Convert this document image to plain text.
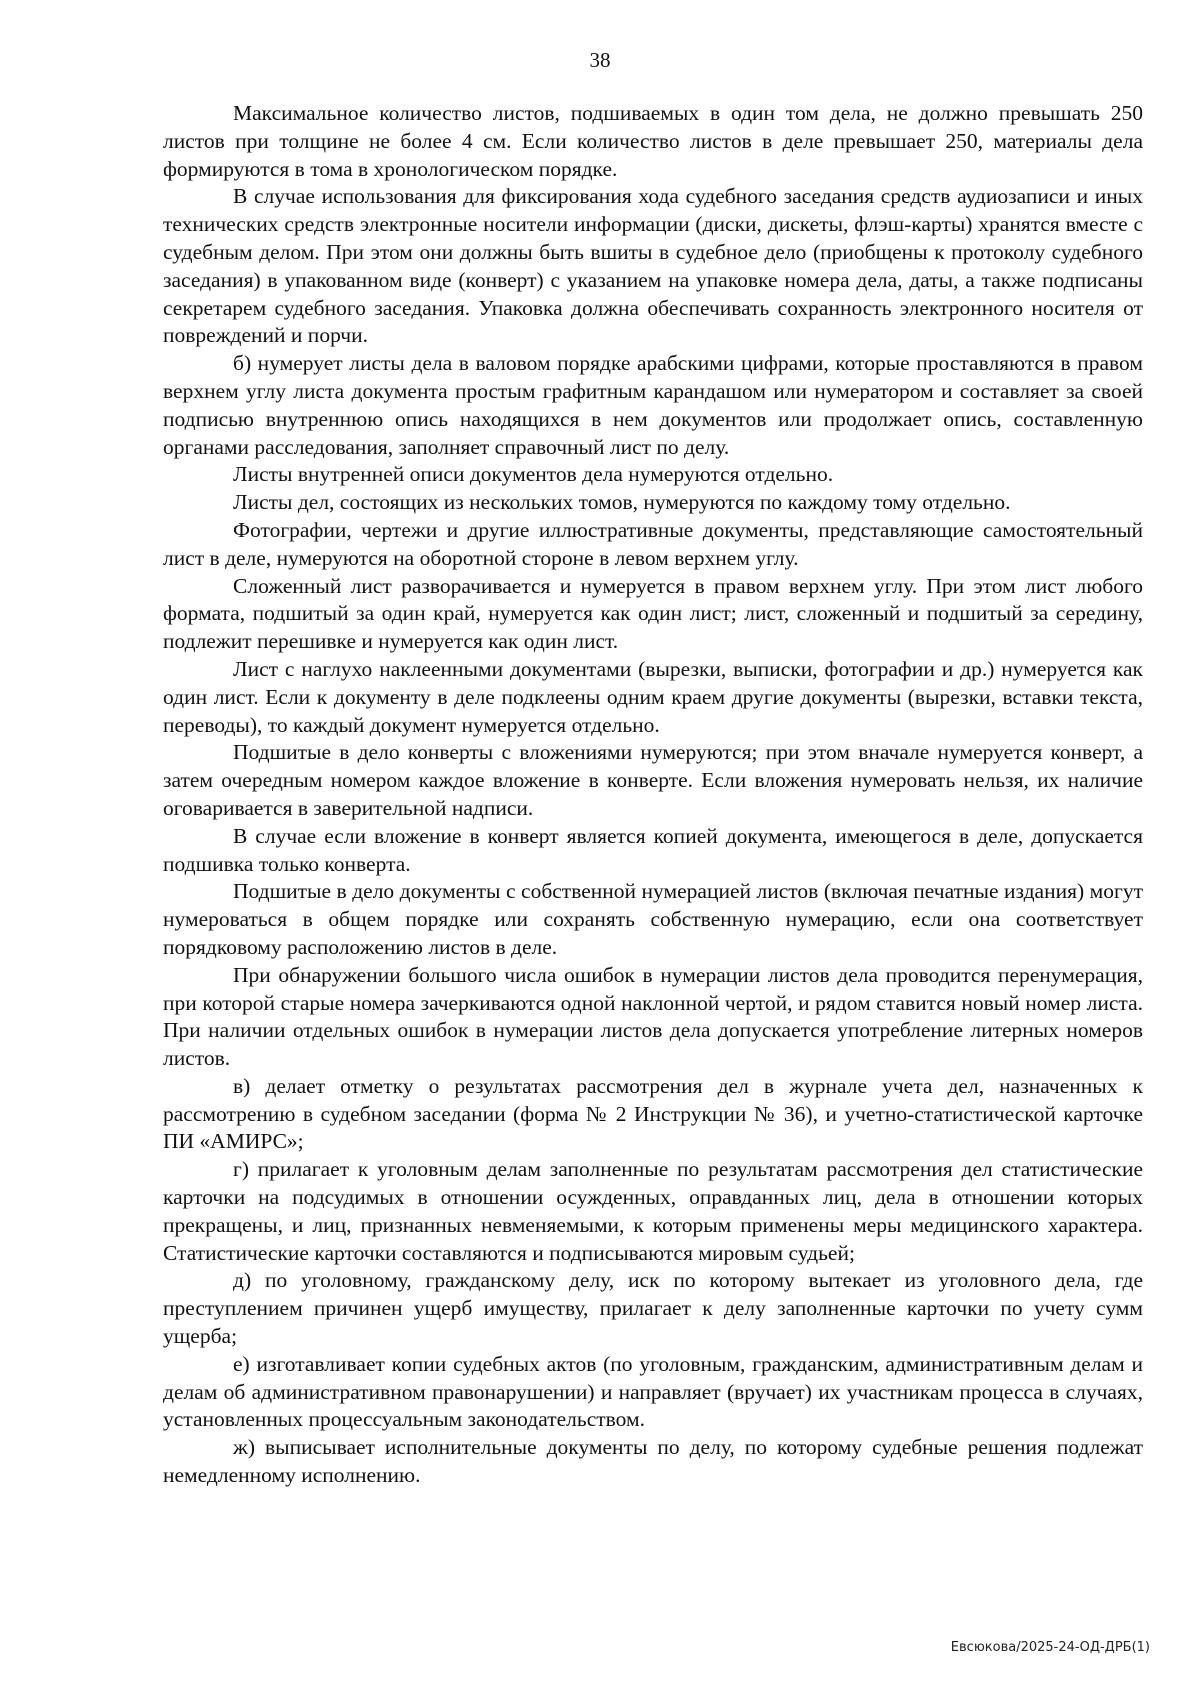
38

Максимальное количество листов, подшиваемых в один том дела, не должно превышать 250 листов при толщине не более 4 см. Если количество листов в деле превышает 250, материалы дела формируются в тома в хронологическом порядке.

В случае использования для фиксирования хода судебного заседания средств аудиозаписи и иных технических средств электронные носители информации (диски, дискеты, флэш-карты) хранятся вместе с судебным делом. При этом они должны быть вшиты в судебное дело (приобщены к протоколу судебного заседания) в упакованном виде (конверт) с указанием на упаковке номера дела, даты, а также подписаны секретарем судебного заседания. Упаковка должна обеспечивать сохранность электронного носителя от повреждений и порчи.

б) нумерует листы дела в валовом порядке арабскими цифрами, которые проставляются в правом верхнем углу листа документа простым графитным карандашом или нумератором и составляет за своей подписью внутреннюю опись находящихся в нем документов или продолжает опись, составленную органами расследования, заполняет справочный лист по делу.

Листы внутренней описи документов дела нумеруются отдельно.

Листы дел, состоящих из нескольких томов, нумеруются по каждому тому отдельно.

Фотографии, чертежи и другие иллюстративные документы, представляющие самостоятельный лист в деле, нумеруются на оборотной стороне в левом верхнем углу.

Сложенный лист разворачивается и нумеруется в правом верхнем углу. При этом лист любого формата, подшитый за один край, нумеруется как один лист; лист, сложенный и подшитый за середину, подлежит перешивке и нумеруется как один лист.

Лист с наглухо наклеенными документами (вырезки, выписки, фотографии и др.) нумеруется как один лист. Если к документу в деле подклеены одним краем другие документы (вырезки, вставки текста, переводы), то каждый документ нумеруется отдельно.

Подшитые в дело конверты с вложениями нумеруются; при этом вначале нумеруется конверт, а затем очередным номером каждое вложение в конверте. Если вложения нумеровать нельзя, их наличие оговаривается в заверительной надписи.

В случае если вложение в конверт является копией документа, имеющегося в деле, допускается подшивка только конверта.

Подшитые в дело документы с собственной нумерацией листов (включая печатные издания) могут нумероваться в общем порядке или сохранять собственную нумерацию, если она соответствует порядковому расположению листов в деле.

При обнаружении большого числа ошибок в нумерации листов дела проводится перенумерация, при которой старые номера зачеркиваются одной наклонной чертой, и рядом ставится новый номер листа. При наличии отдельных ошибок в нумерации листов дела допускается употребление литерных номеров листов.

в) делает отметку о результатах рассмотрения дел в журнале учета дел, назначенных к рассмотрению в судебном заседании (форма № 2 Инструкции № 36), и учетно-статистической карточке ПИ «АМИРС»;

г) прилагает к уголовным делам заполненные по результатам рассмотрения дел статистические карточки на подсудимых в отношении осужденных, оправданных лиц, дела в отношении которых прекращены, и лиц, признанных невменяемыми, к которым применены меры медицинского характера. Статистические карточки составляются и подписываются мировым судьей;

д) по уголовному, гражданскому делу, иск по которому вытекает из уголовного дела, где преступлением причинен ущерб имуществу, прилагает к делу заполненные карточки по учету сумм ущерба;

е) изготавливает копии судебных актов (по уголовным, гражданским, административным делам и делам об административном правонарушении) и направляет (вручает) их участникам процесса в случаях, установленных процессуальным законодательством.

ж) выписывает исполнительные документы по делу, по которому судебные решения подлежат немедленному исполнению.

Евсюкова/2025-24-ОД-ДРБ(1)
